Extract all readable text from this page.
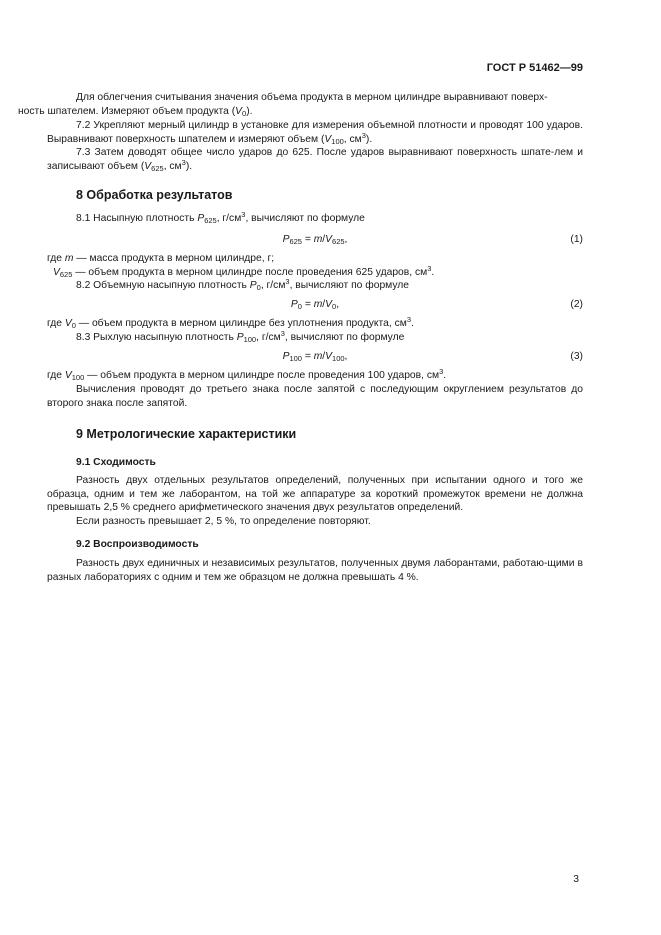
ГОСТ Р 51462—99
Для облегчения считывания значения объема продукта в мерном цилиндре выравнивают поверх-
ность шпателем. Измеряют объем продукта $(V_0)$.
7.2 Укрепляют мерный цилиндр в установке для измерения объемной плотности и проводят 100 ударов. Выравнивают поверхность шпателем и измеряют объем ($V_{100}$, $см^3$).
7.3 Затем доводят общее число ударов до 625. После ударов выравнивают поверхность шпате-лем и записывают объем ($V_{625}$, $см^3$).
8 Обработка результатов
8.1 Насыпную плотность $P_{625}$, $г/см^3$, вычисляют по формуле
$P_{625} = m/V_{625}$,	(1)
где m — масса продукта в мерном цилиндре, г;
$V_{625}$ — объем продукта в мерном цилиндре после проведения 625 ударов, $см^3$.
8.2 Объемную насыпную плотность $P_0$, $г/см^3$, вычисляют по формуле
$P_0 = m/V_0$,	(2)
где $V_0$ — объем продукта в мерном цилиндре без уплотнения продукта, $см^3$.
8.3 Рыхлую насыпную плотность $P_{100}$, $г/см^3$, вычисляют по формуле
$P_{100} = m/V_{100}$,	(3)
где $V_{100}$ — объем продукта в мерном цилиндре после проведения 100 ударов, $см^3$.
Вычисления проводят до третьего знака после запятой с последующим округлением результатов до второго знака после запятой.
9 Метрологические характеристики
9.1 Сходимость
Разность двух отдельных результатов определений, полученных при испытании одного и того же образца, одним и тем же лаборантом, на той же аппаратуре за короткий промежуток времени не должна превышать 2,5 % среднего арифметического значения двух результатов определений.
Если разность превышает 2, 5 %, то определение повторяют.
9.2 Воспроизводимость
Разность двух единичных и независимых результатов, полученных двумя лаборантами, работаю-щими в разных лабораториях с одним и тем же образцом не должна превышать 4 %.
3
